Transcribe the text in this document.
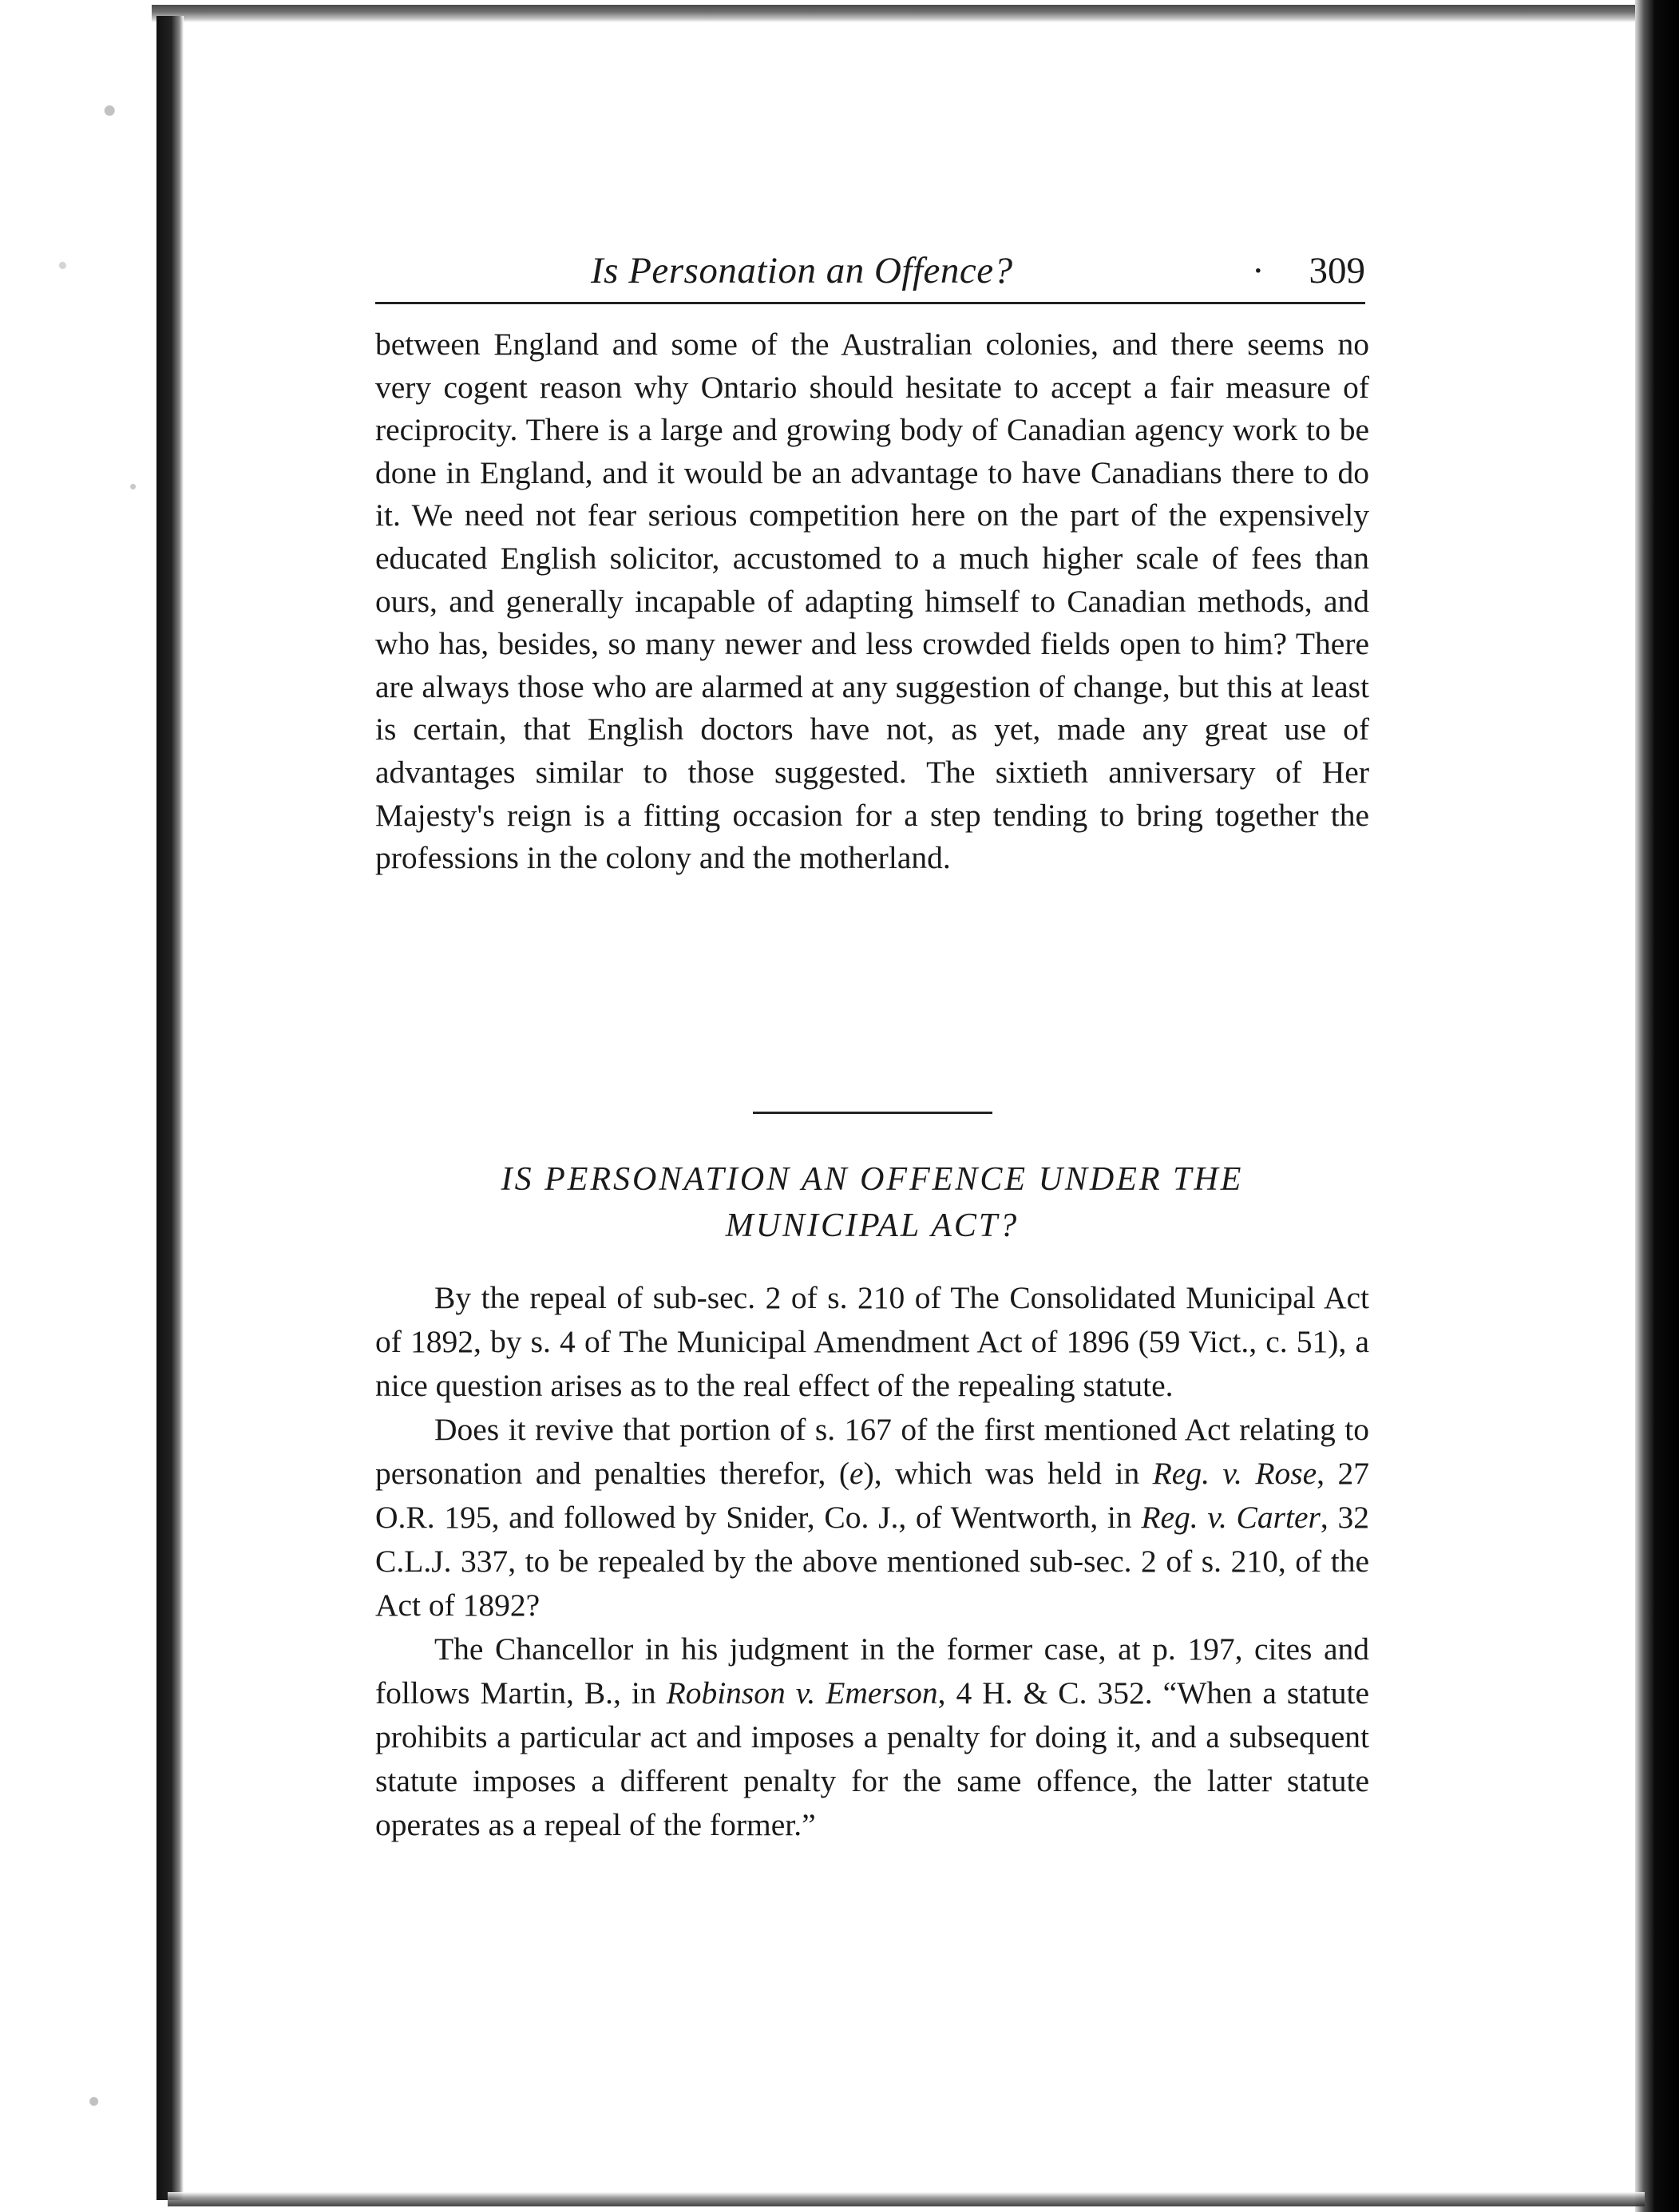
Is Personation an Offence?	· 309

between England and some of the Australian colonies, and there seems no very cogent reason why Ontario should hesitate to accept a fair measure of reciprocity. There is a large and growing body of Canadian agency work to be done in England, and it would be an advantage to have Canadians there to do it. We need not fear serious competition here on the part of the expensively educated English solicitor, accustomed to a much higher scale of fees than ours, and generally incapable of adapting himself to Canadian methods, and who has, besides, so many newer and less crowded fields open to him? There are always those who are alarmed at any suggestion of change, but this at least is certain, that English doctors have not, as yet, made any great use of advantages similar to those suggested. The sixtieth anniversary of Her Majesty's reign is a fitting occasion for a step tending to bring together the professions in the colony and the motherland.

IS PERSONATION AN OFFENCE UNDER THE
MUNICIPAL ACT?

By the repeal of sub-sec. 2 of s. 210 of The Consolidated Municipal Act of 1892, by s. 4 of The Municipal Amendment Act of 1896 (59 Vict., c. 51), a nice question arises as to the real effect of the repealing statute.

Does it revive that portion of s. 167 of the first mentioned Act relating to personation and penalties therefor, (e), which was held in Reg. v. Rose, 27 O.R. 195, and followed by Snider, Co. J., of Wentworth, in Reg. v. Carter, 32 C.L.J. 337, to be repealed by the above mentioned sub-sec. 2 of s. 210, of the Act of 1892?

The Chancellor in his judgment in the former case, at p. 197, cites and follows Martin, B., in Robinson v. Emerson, 4 H. & C. 352. “When a statute prohibits a particular act and imposes a penalty for doing it, and a subsequent statute imposes a different penalty for the same offence, the latter statute operates as a repeal of the former.”
